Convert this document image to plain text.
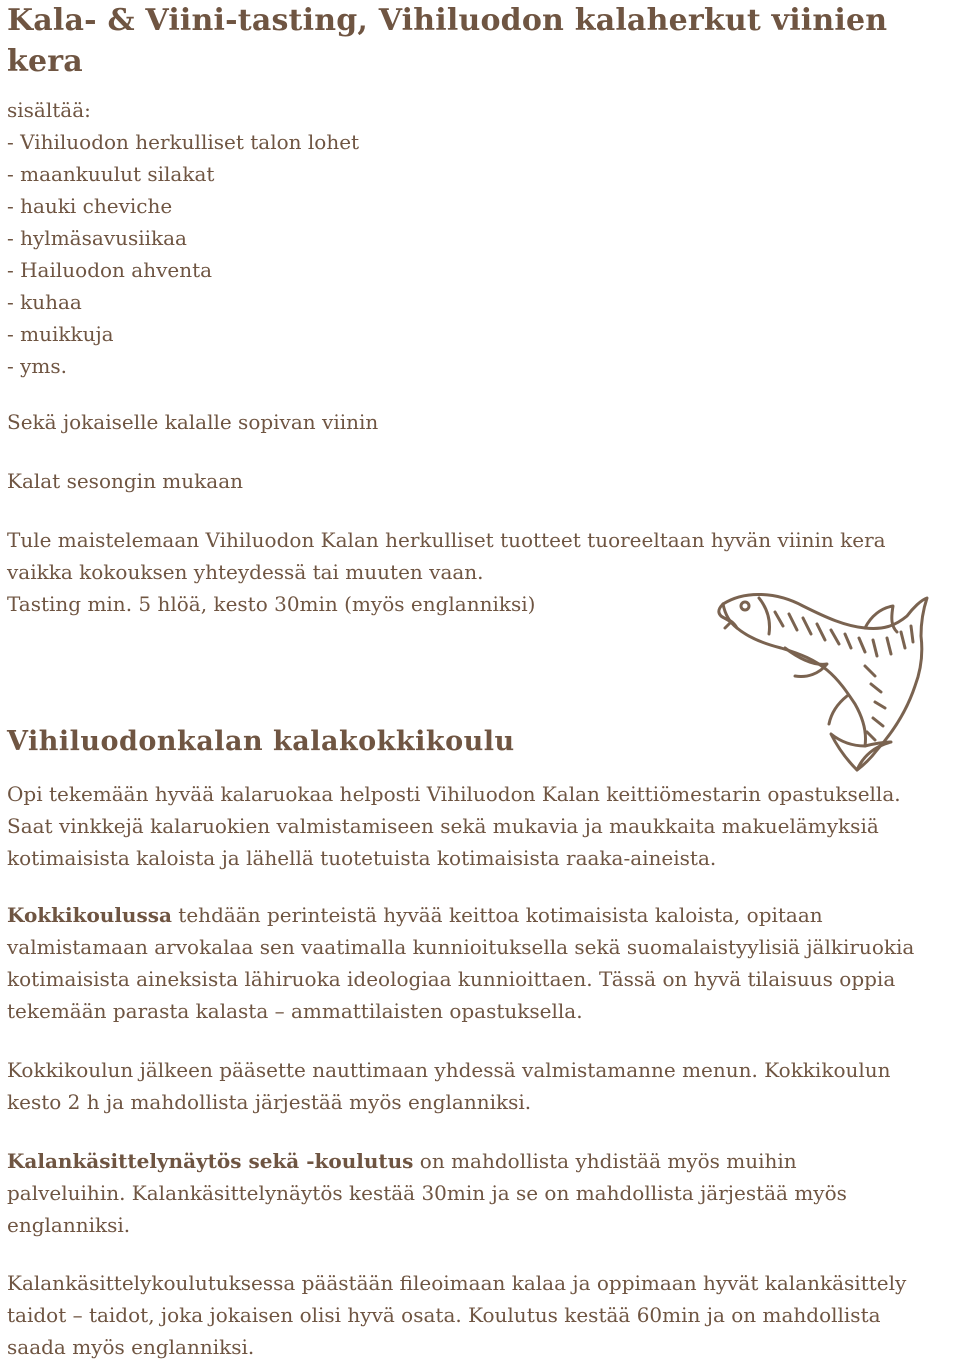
Kala- & Viini-tasting, Vihiluodon kalaherkut viinien kera
sisältää:
- Vihiluodon herkulliset talon lohet
- maankuulut silakat
- hauki cheviche
- hylmäsavusiikaa
- Hailuodon ahventa
- kuhaa
- muikkuja
- yms.
Sekä jokaiselle kalalle sopivan viinin
Kalat sesongin mukaan
Tule maistelemaan Vihiluodon Kalan herkulliset tuotteet tuoreeltaan hyvän viinin kera
vaikka kokouksen yhteydessä tai muuten vaan.
Tasting min. 5 hlöä, kesto 30min (myös englanniksi)
Vihiluodonkalan kalakokkikoulu
Opi tekemään hyvää kalaruokaa helposti Vihiluodon Kalan keittiömestarin opastuksella.
Saat vinkkejä kalaruokien valmistamiseen sekä mukavia ja maukkaita makuelämyksiä
kotimaisista kaloista ja lähellä tuotetuista kotimaisista raaka-aineista.
Kokkikoulussa tehdään perinteistä hyvää keittoa kotimaisista kaloista, opitaan
valmistamaan arvokalaa sen vaatimalla kunnioituksella sekä suomalaistyylisiä jälkiruokia
kotimaisista aineksista lähiruoka ideologiaa kunnioittaen. Tässä on hyvä tilaisuus oppia
tekemään parasta kalasta – ammattilaisten opastuksella.
Kokkikoulun jälkeen pääsette nauttimaan yhdessä valmistamanne menun. Kokkikoulun
kesto 2 h ja mahdollista järjestää myös englanniksi.
Kalankäsittelynäytös sekä -koulutus on mahdollista yhdistää myös muihin
palveluihin. Kalankäsittelynäytös kestää 30min ja se on mahdollista järjestää myös
englanniksi.
Kalankäsittelykoulutuksessa päästään fileoimaan kalaa ja oppimaan hyvät kalankäsittely
taidot – taidot, joka jokaisen olisi hyvä osata. Koulutus kestää 60min ja on mahdollista
saada myös englanniksi.
